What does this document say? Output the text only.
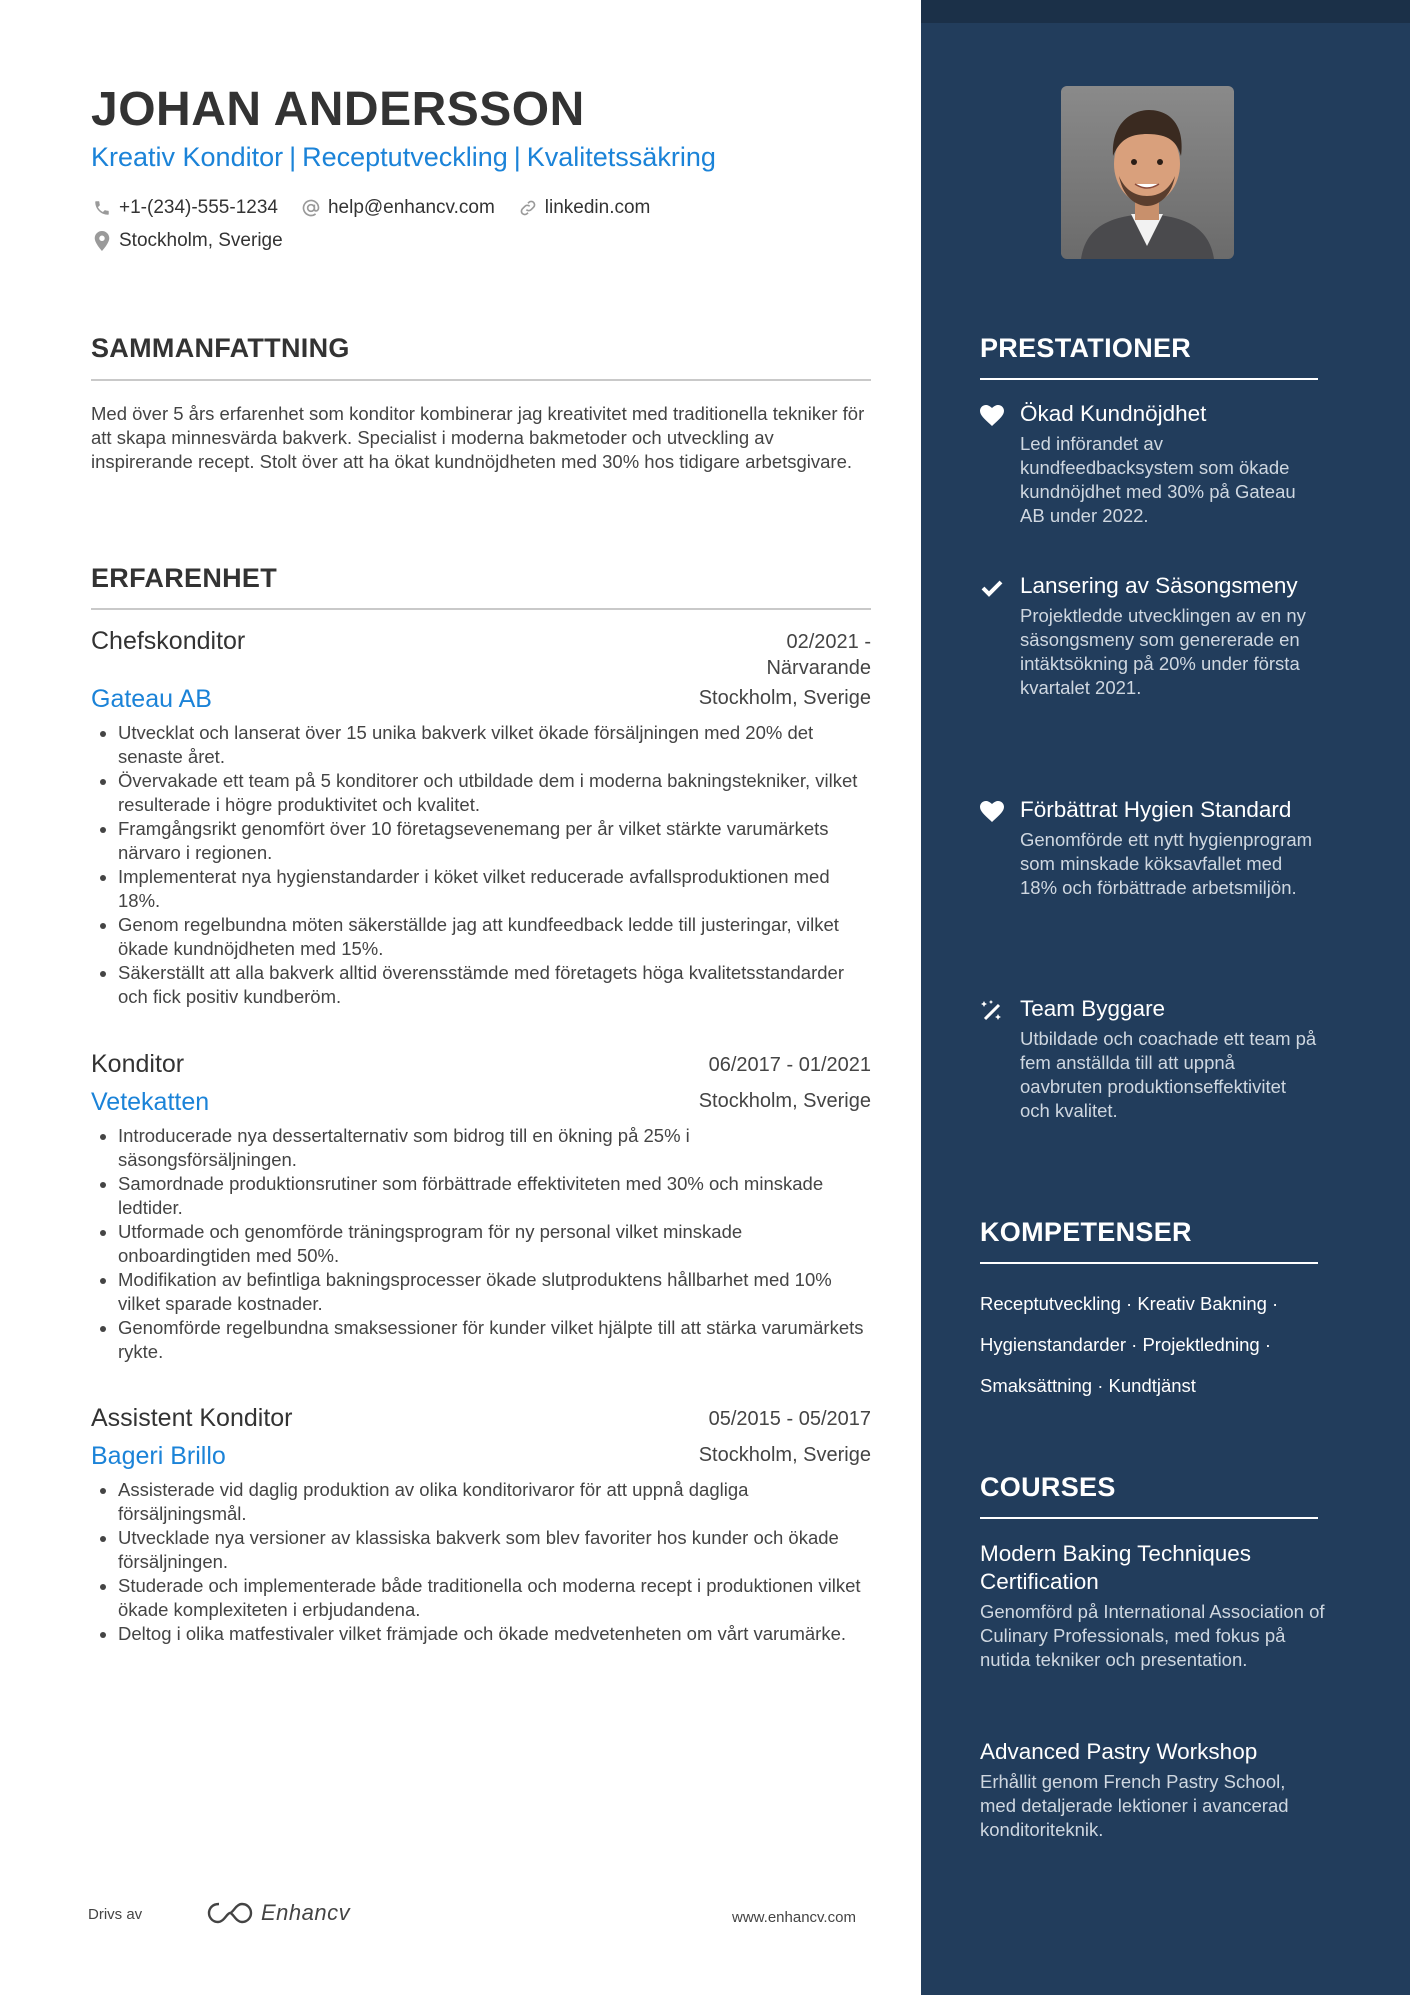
JOHAN ANDERSSON
Kreativ Konditor | Receptutveckling | Kvalitetssäkring
+1-(234)-555-1234	help@enhancv.com	linkedin.com
Stockholm, Sverige
SAMMANFATTNING

Med över 5 års erfarenhet som konditor kombinerar jag kreativitet med traditionella tekniker för att skapa minnesvärda bakverk. Specialist i moderna bakmetoder och utveckling av inspirerande recept. Stolt över att ha ökat kundnöjdheten med 30% hos tidigare arbetsgivare.

ERFARENHET

Chefskonditor	02/2021 -
Närvarande
Gateau AB	Stockholm, Sverige
• Utvecklat och lanserat över 15 unika bakverk vilket ökade försäljningen med 20% det senaste året.
• Övervakade ett team på 5 konditorer och utbildade dem i moderna bakningstekniker, vilket resulterade i högre produktivitet och kvalitet.
• Framgångsrikt genomfört över 10 företagsevenemang per år vilket stärkte varumärkets närvaro i regionen.
• Implementerat nya hygienstandarder i köket vilket reducerade avfallsproduktionen med 18%.
• Genom regelbundna möten säkerställde jag att kundfeedback ledde till justeringar, vilket ökade kundnöjdheten med 15%.
• Säkerställt att alla bakverk alltid överensstämde med företagets höga kvalitetsstandarder och fick positiv kundberöm.

Konditor	06/2017 - 01/2021
Vetekatten	Stockholm, Sverige
• Introducerade nya dessertalternativ som bidrog till en ökning på 25% i säsongsförsäljningen.
• Samordnade produktionsrutiner som förbättrade effektiviteten med 30% och minskade ledtider.
• Utformade och genomförde träningsprogram för ny personal vilket minskade onboardingtiden med 50%.
• Modifikation av befintliga bakningsprocesser ökade slutproduktens hållbarhet med 10% vilket sparade kostnader.
• Genomförde regelbundna smaksessioner för kunder vilket hjälpte till att stärka varumärkets rykte.

Assistent Konditor	05/2015 - 05/2017
Bageri Brillo	Stockholm, Sverige
• Assisterade vid daglig produktion av olika konditorivaror för att uppnå dagliga försäljningsmål.
• Utvecklade nya versioner av klassiska bakverk som blev favoriter hos kunder och ökade försäljningen.
• Studerade och implementerade både traditionella och moderna recept i produktionen vilket ökade komplexiteten i erbjudandena.
• Deltog i olika matfestivaler vilket främjade och ökade medvetenheten om vårt varumärke.
Drivs av	Enhancv	www.enhancv.com
PRESTATIONER

Ökad Kundnöjdhet

Led införandet av kundfeedbacksystem som ökade kundnöjdhet med 30% på Gateau AB under 2022.

Lansering av Säsongsmeny

Projektledde utvecklingen av en ny säsongsmeny som genererade en intäktsökning på 20% under första kvartalet 2021.

Förbättrat Hygien Standard

Genomförde ett nytt hygienprogram som minskade köksavfallet med 18% och förbättrade arbetsmiljön.

Team Byggare

Utbildade och coachade ett team på fem anställda till att uppnå oavbruten produktionseffektivitet och kvalitet.

KOMPETENSER
Receptutveckling · Kreativ Bakning ·
Hygienstandarder · Projektledning ·
Smaksättning · Kundtjänst
COURSES

Modern Baking Techniques Certification

Genomförd på International Association of Culinary Professionals, med fokus på nutida tekniker och presentation.

Advanced Pastry Workshop

Erhållit genom French Pastry School, med detaljerade lektioner i avancerad konditoriteknik.
